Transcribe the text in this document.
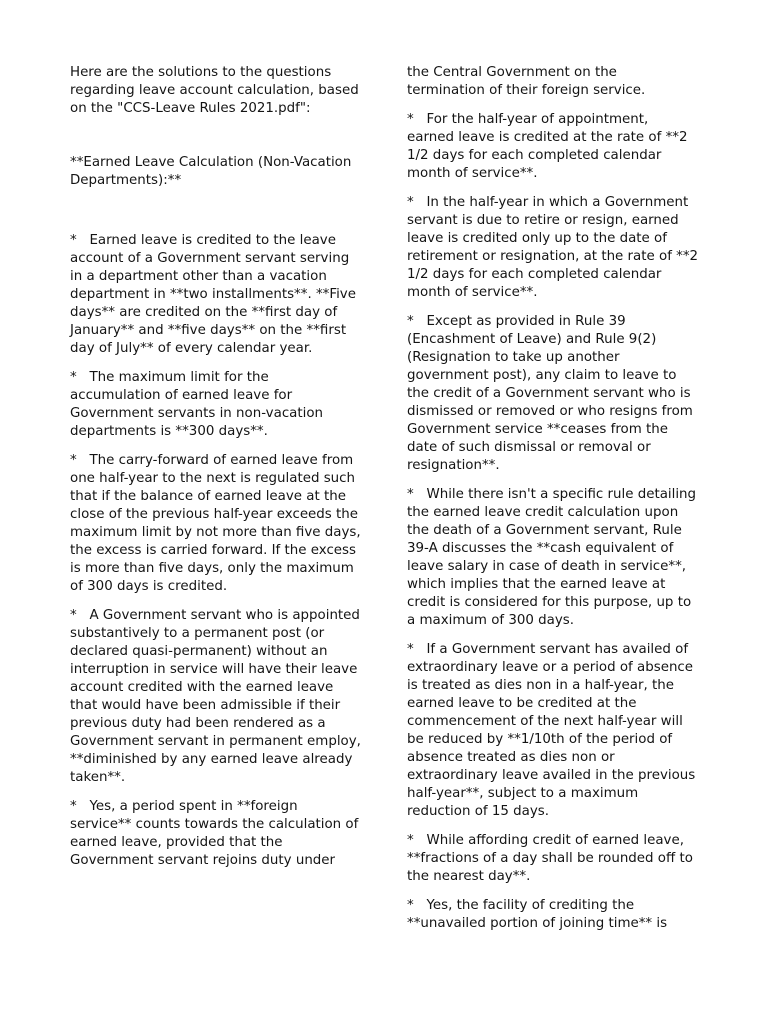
Here are the solutions to the questions regarding leave account calculation, based on the "CCS-Leave Rules 2021.pdf":

**Earned Leave Calculation (Non-Vacation Departments):**

*   Earned leave is credited to the leave account of a Government servant serving in a department other than a vacation department in **two installments**. **Five days** are credited on the **first day of January** and **five days** on the **first day of July** of every calendar year.

*   The maximum limit for the accumulation of earned leave for Government servants in non-vacation departments is **300 days**.

*   The carry-forward of earned leave from one half-year to the next is regulated such that if the balance of earned leave at the close of the previous half-year exceeds the maximum limit by not more than five days, the excess is carried forward. If the excess is more than five days, only the maximum of 300 days is credited.

*   A Government servant who is appointed substantively to a permanent post (or declared quasi-permanent) without an interruption in service will have their leave account credited with the earned leave that would have been admissible if their previous duty had been rendered as a Government servant in permanent employ, **diminished by any earned leave already taken**.

*   Yes, a period spent in **foreign service** counts towards the calculation of earned leave, provided that the Government servant rejoins duty under

the Central Government on the termination of their foreign service.

*   For the half-year of appointment, earned leave is credited at the rate of **2 1/2 days for each completed calendar month of service**.

*   In the half-year in which a Government servant is due to retire or resign, earned leave is credited only up to the date of retirement or resignation, at the rate of **2 1/2 days for each completed calendar month of service**.

*   Except as provided in Rule 39 (Encashment of Leave) and Rule 9(2) (Resignation to take up another government post), any claim to leave to the credit of a Government servant who is dismissed or removed or who resigns from Government service **ceases from the date of such dismissal or removal or resignation**.

*   While there isn't a specific rule detailing the earned leave credit calculation upon the death of a Government servant, Rule 39-A discusses the **cash equivalent of leave salary in case of death in service**, which implies that the earned leave at credit is considered for this purpose, up to a maximum of 300 days.

*   If a Government servant has availed of extraordinary leave or a period of absence is treated as dies non in a half-year, the earned leave to be credited at the commencement of the next half-year will be reduced by **1/10th of the period of absence treated as dies non or extraordinary leave availed in the previous half-year**, subject to a maximum reduction of 15 days.

*   While affording credit of earned leave, **fractions of a day shall be rounded off to the nearest day**.

*   Yes, the facility of crediting the **unavailed portion of joining time** is
